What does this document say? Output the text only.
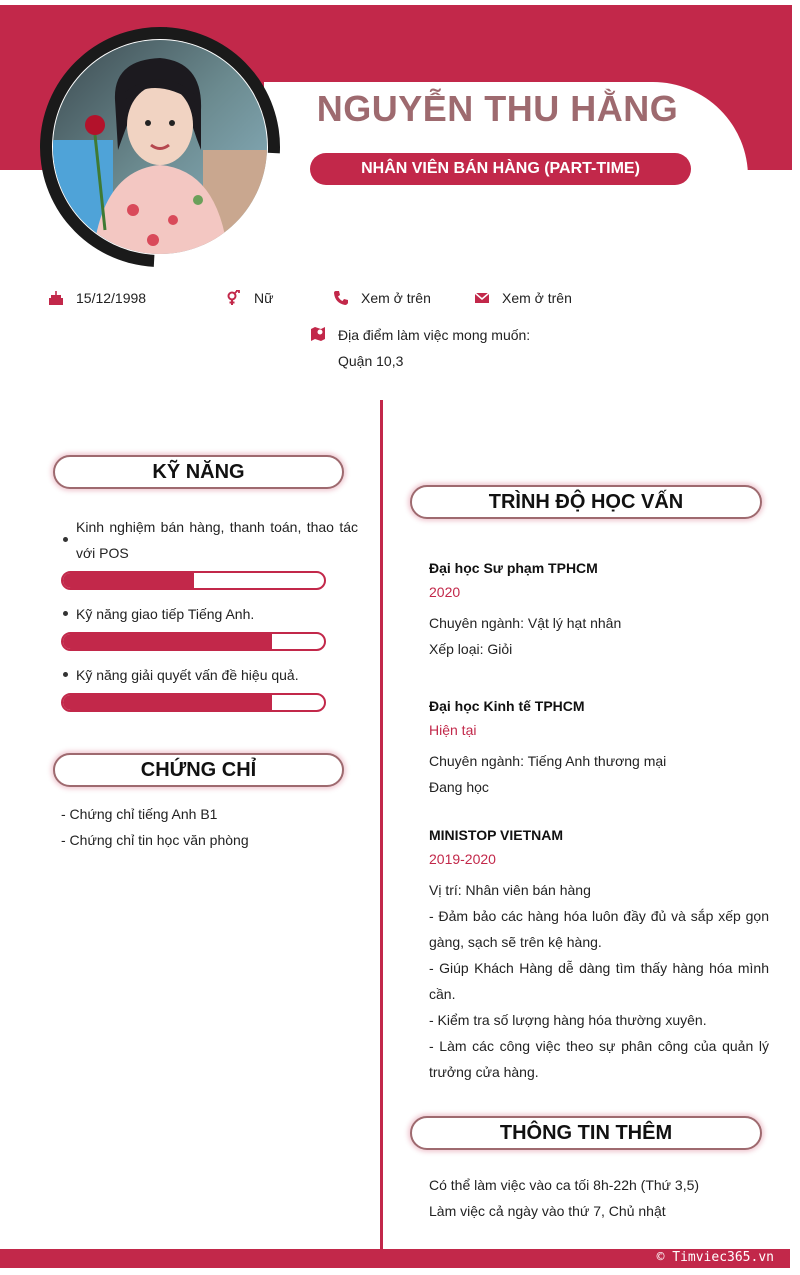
NGUYỄN THU HẰNG
NHÂN VIÊN BÁN HÀNG (PART-TIME)
15/12/1998	Nữ	Xem ở trên	Xem ở trên
Địa điểm làm việc mong muốn:
Quận 10,3
KỸ NĂNG
Kinh nghiệm bán hàng, thanh toán, thao tác với POS
Kỹ năng giao tiếp Tiếng Anh.
Kỹ năng giải quyết vấn đề hiệu quả.
CHỨNG CHỈ
- Chứng chỉ tiếng Anh B1
- Chứng chỉ tin học văn phòng
TRÌNH ĐỘ HỌC VẤN
Đại học Sư phạm TPHCM
2020
Chuyên ngành: Vật lý hạt nhân
Xếp loại: Giỏi
Đại học Kinh tế TPHCM
Hiện tại
Chuyên ngành: Tiếng Anh thương mại
Đang học
MINISTOP VIETNAM
2019-2020
Vị trí: Nhân viên bán hàng
- Đảm bảo các hàng hóa luôn đầy đủ và sắp xếp gọn gàng, sạch sẽ trên kệ hàng.
- Giúp Khách Hàng dễ dàng tìm thấy hàng hóa mình cần.
- Kiểm tra số lượng hàng hóa thường xuyên.
- Làm các công việc theo sự phân công của quản lý trưởng cửa hàng.
THÔNG TIN THÊM
Có thể làm việc vào ca tối 8h-22h (Thứ 3,5)
Làm việc cả ngày vào thứ 7, Chủ nhật
© Timviec365.vn
